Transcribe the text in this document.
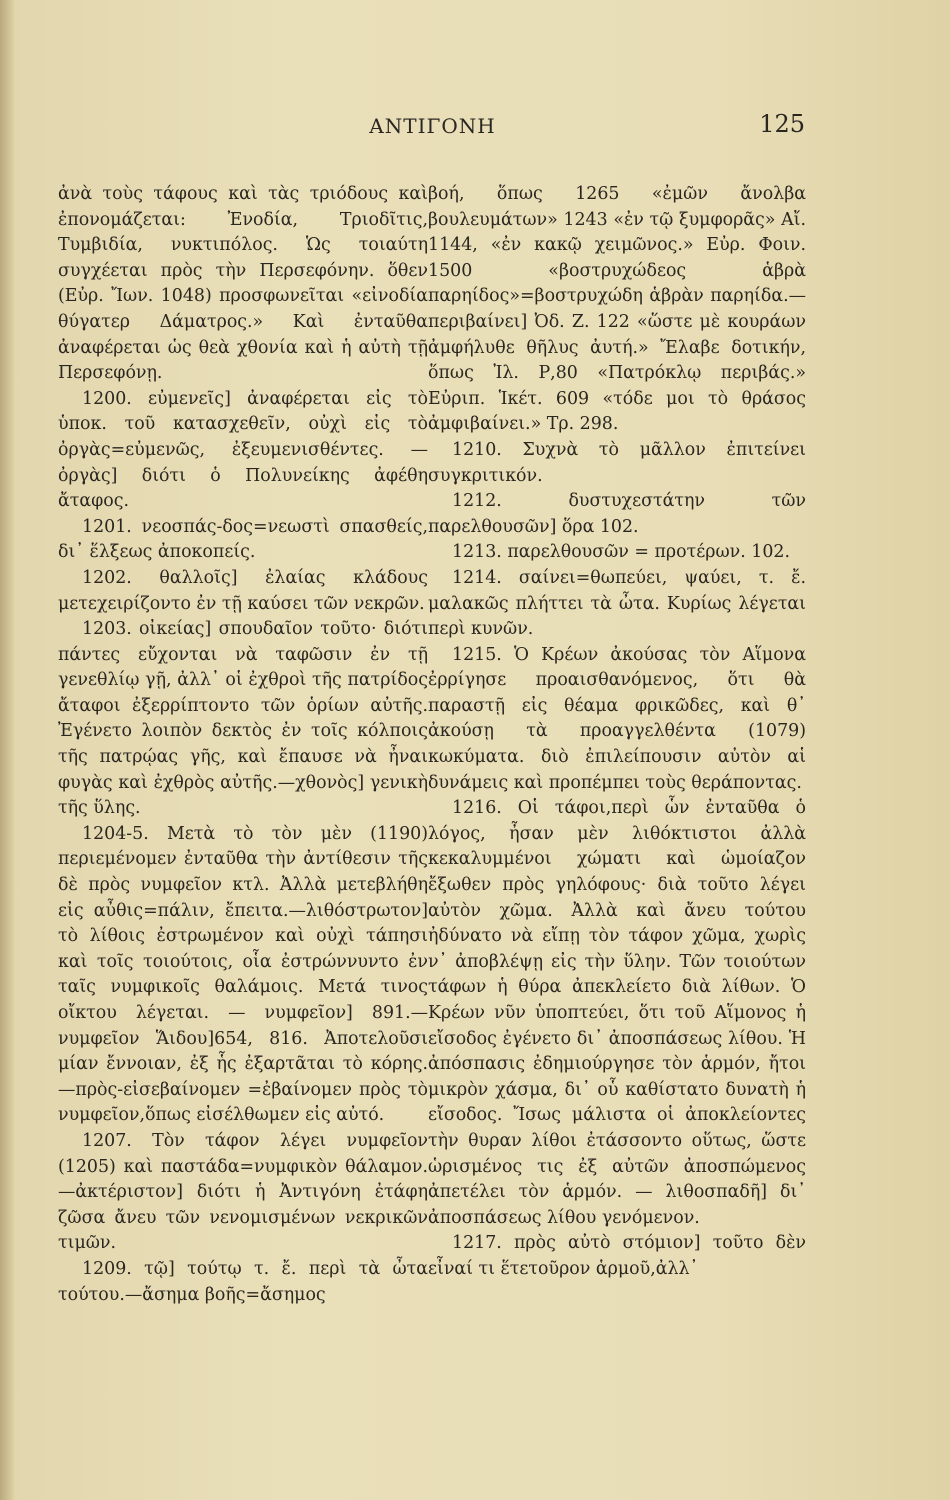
ΑΝΤΙΓΟΝΗ	125

ἀνὰ τοὺς τάφους καὶ τὰς τριόδους καὶ ἐπονομάζεται: Ἐνοδία, Τριοδῖτις, Τυμβιδία, νυκτιπόλος. Ὡς τοιαύτη συγχέεται πρὸς τὴν Περσεφόνην. ὅθεν (Εὐρ. Ἴων. 1048) προσφωνεῖται «εἰνοδία θύγατερ Δάματρος.» Καὶ ἐνταῦθα ἀναφέρεται ὡς θεὰ χθονία καὶ ἡ αὐτὴ τῇ Περσεφόνῃ.

1200. εὐμενεῖς] ἀναφέρεται εἰς τὸ ὑποκ. τοῦ κατασχεθεῖν, οὐχὶ εἰς τὸ ὀργὰς=εὐμενῶς, ἐξευμενισθέντες. —ὀργὰς] διότι ὁ Πολυνείκης ἀφέθη ἄταφος.

1201. νεοσπάς-δος=νεωστὶ σπασθείς, δι᾽ ἕλξεως ἀποκοπείς.

1202. θαλλοῖς] ἐλαίας κλάδους μετεχειρίζοντο ἐν τῇ καύσει τῶν νεκρῶν.

1203. οἰκείας] σπουδαῖον τοῦτο· διότι πάντες εὔχονται νὰ ταφῶσιν ἐν τῇ γενεθλίῳ γῇ, ἀλλ᾽ οἱ ἐχθροὶ τῆς πατρίδος ἄταφοι ἐξερρίπτοντο τῶν ὁρίων αὐτῆς. Ἐγένετο λοιπὸν δεκτὸς ἐν τοῖς κόλποις τῆς πατρῴας γῆς, καὶ ἔπαυσε νὰ ἦναι φυγὰς καὶ ἐχθρὸς αὐτῆς.—χθονὸς] γενικὴ τῆς ὕλης.

1204-5. Μετὰ τὸ τὸν μὲν (1190) περιεμένομεν ἐνταῦθα τὴν ἀντίθεσιν τῆς δὲ πρὸς νυμφεῖον κτλ. Ἀλλὰ μετεβλήθη εἰς αὖθις=πάλιν, ἔπειτα.—λιθόστρωτον] τὸ λίθοις ἐστρωμένον καὶ οὐχὶ τάπησι καὶ τοῖς τοιούτοις, οἷα ἐστρώννυντο ἐν ταῖς νυμφικοῖς θαλάμοις. Μετά τινος οἴκτου λέγεται. — νυμφεῖον] 891.— νυμφεῖον Ἅιδου]654, 816. Ἀποτελοῦσι μίαν ἔννοιαν, ἐξ ἧς ἐξαρτᾶται τὸ κόρης.—πρὸς-εἰσεβαίνομεν =ἐβαίνομεν πρὸς τὸ νυμφεῖον,ὅπως εἰσέλθωμεν εἰς αὐτό.

1207. Τὸν τάφον λέγει νυμφεῖον (1205) καὶ παστάδα=νυμφικὸν θάλαμον.—ἀκτέριστον] διότι ἡ Ἀντιγόνη ἐτάφη ζῶσα ἄνευ τῶν νενομισμένων νεκρικῶν τιμῶν.

1209. τῷ] τούτῳ τ. ἔ. περὶ τὰ ὦτα τούτου.—ἄσημα βοῆς=ἄσημος

βοή, ὅπως 1265 «ἐμῶν ἄνολβα βουλευμάτων» 1243 «ἐν τῷ ξυμφορᾶς» Αἴ. 1144, «ἐν κακῷ χειμῶνος.» Εὐρ. Φοιν. 1500 «βοστρυχώδεος ἁβρὰ παρηίδος»=βοστρυχώδη ἁβρὰν παρηίδα.—περιβαίνει] Ὀδ. Ζ. 122 «ὥστε μὲ κουράων ἀμφήλυθε θῆλυς ἀυτή.» Ἔλαβε δοτικήν, ὅπως Ἰλ. Ρ,80 «Πατρόκλῳ περιβάς.» Εὐριπ. Ἱκέτ. 609 «τόδε μοι τὸ θράσος ἀμφιβαίνει.» Τρ. 298.

1210. Συχνὰ τὸ μᾶλλον ἐπιτείνει συγκριτικόν.

1212. δυστυχεστάτην τῶν παρελθουσῶν] ὅρα 102.

1213. παρελθουσῶν = προτέρων. 102.

1214. σαίνει=θωπεύει, ψαύει, τ. ἔ. μαλακῶς πλήττει τὰ ὦτα. Κυρίως λέγεται περὶ κυνῶν.

1215. Ὁ Κρέων ἀκούσας τὸν Αἵμονα ἐρρίγησε προαισθανόμενος, ὅτι θὰ παραστῇ εἰς θέαμα φρικῶδες, καὶ θ᾽ ἀκούσῃ τὰ προαγγελθέντα (1079) κωκύματα. διὸ ἐπιλείπουσιν αὐτὸν αἱ δυνάμεις καὶ προπέμπει τοὺς θεράποντας.

1216. Οἱ τάφοι,περὶ ὧν ἐνταῦθα ὁ λόγος, ἦσαν μὲν λιθόκτιστοι ἀλλὰ κεκαλυμμένοι χώματι καὶ ὡμοίαζον ἔξωθεν πρὸς γηλόφους· διὰ τοῦτο λέγει αὐτὸν χῶμα. Ἀλλὰ καὶ ἄνευ τούτου ἠδύνατο νὰ εἴπῃ τὸν τάφον χῶμα, χωρὶς ν᾽ ἀποβλέψῃ εἰς τὴν ὕλην. Τῶν τοιούτων τάφων ἡ θύρα ἀπεκλείετο διὰ λίθων. Ὁ Κρέων νῦν ὑποπτεύει, ὅτι τοῦ Αἵμονος ἡ εἴσοδος ἐγένετο δι᾽ ἀποσπάσεως λίθου. Ἡ ἀπόσπασις ἐδημιούργησε τὸν ἁρμόν, ἤτοι μικρὸν χάσμα, δι᾽ οὗ καθίστατο δυνατὴ ἡ εἴσοδος. Ἴσως μάλιστα οἱ ἀποκλείοντες τὴν θυραν λίθοι ἐτάσσοντο οὕτως, ὥστε ὡρισμένος τις ἐξ αὐτῶν ἀποσπώμενος ἀπετέλει τὸν ἁρμόν. — λιθοσπαδῆ] δι᾽ ἀποσπάσεως λίθου γενόμενον.

1217. πρὸς αὐτὸ στόμιον] τοῦτο δὲν εἶναί τι ἕτετοῦρον ἁρμοῦ,ἀλλ᾽
